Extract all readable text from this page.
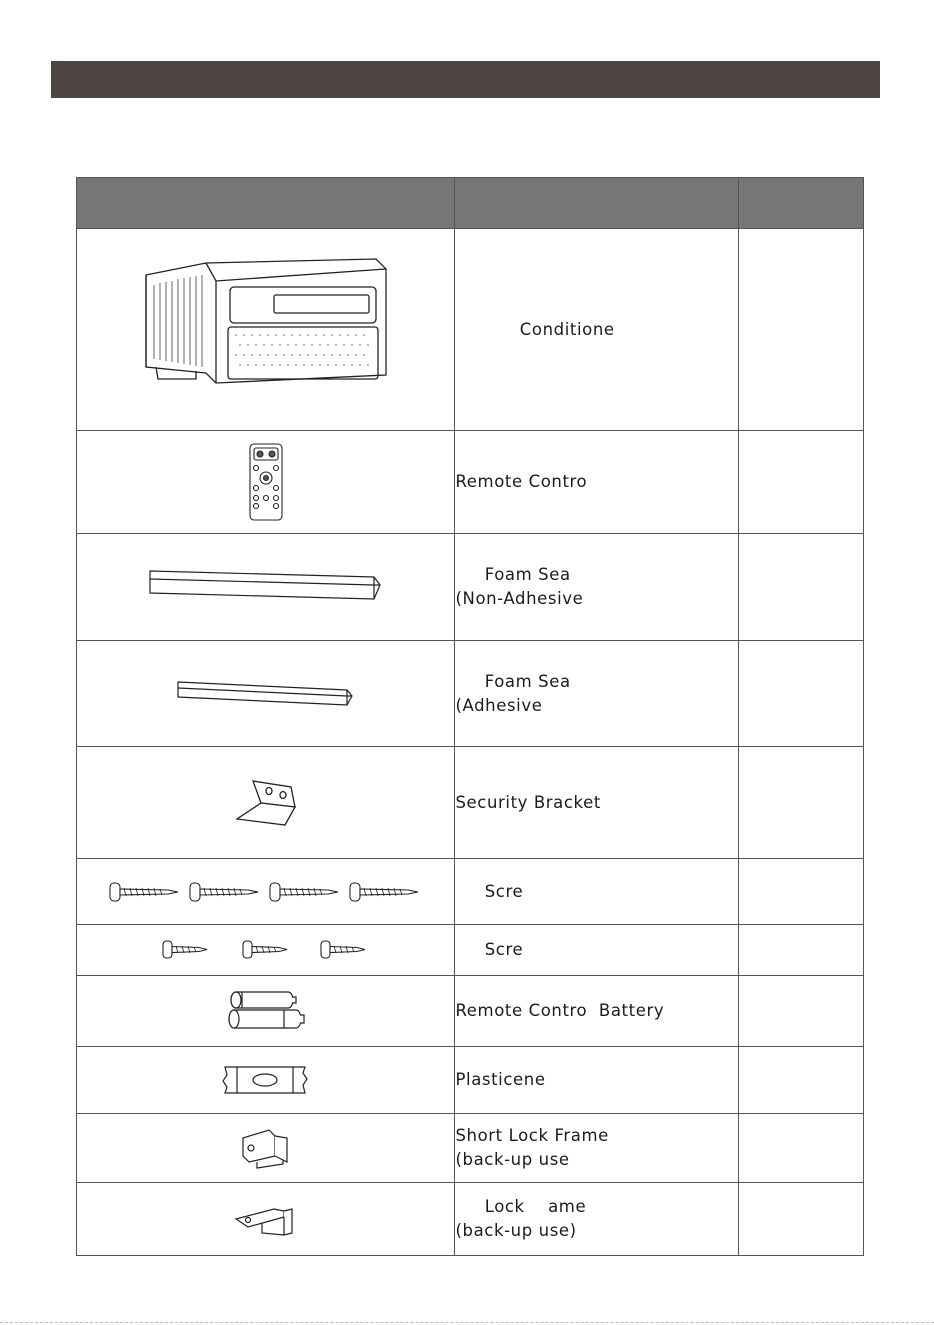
	Conditione	
	Remote Contro	
	Foam Sea
(Non-Adhesive	
	Foam Sea
(Adhesive	
	Security Bracket	
	Scre	
	Scre	
	Remote Contro  Battery	
	Plasticene	
	Short Lock Frame
(back-up use	
	Lock    ame
(back-up use)	
